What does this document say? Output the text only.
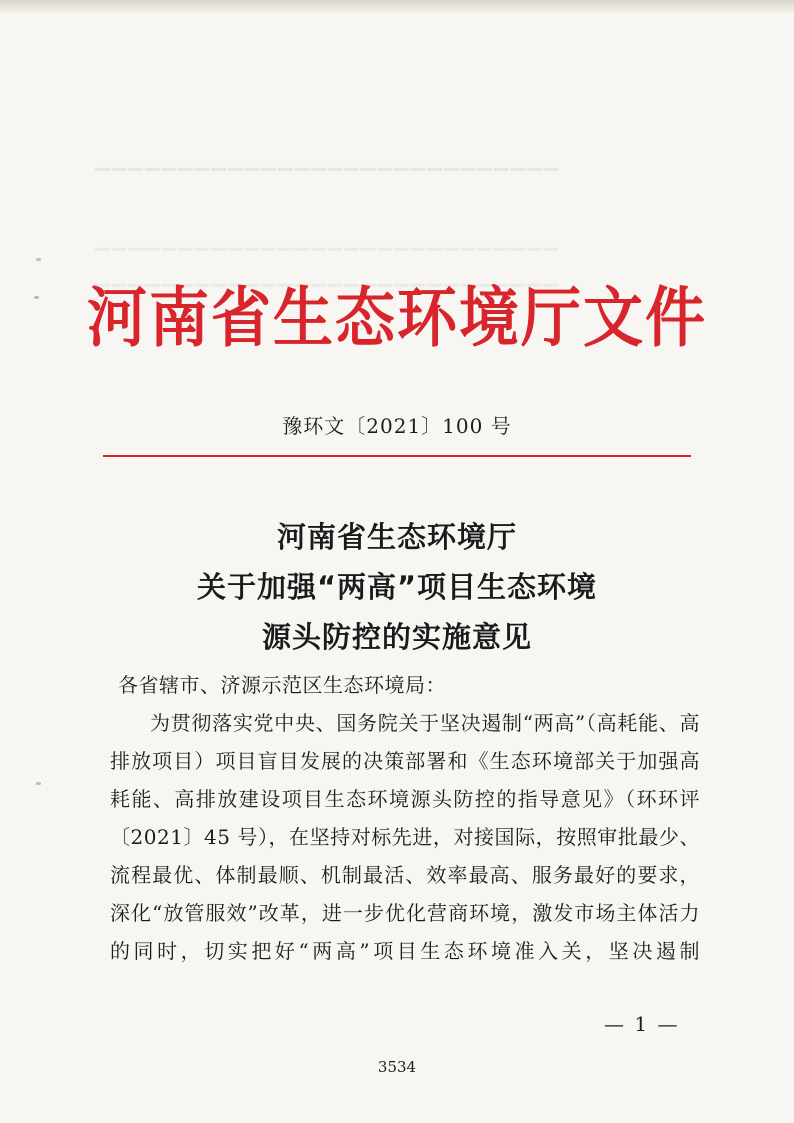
▁▁▁▁▁▁▁▁▁▁▁▁▁▁▁▁▁▁▁▁▁▁▁▁▁▁▁▁
▁▁▁▁▁▁▁▁▁▁▁▁▁▁▁▁▁▁▁▁▁▁▁▁▁▁▁▁
▁▁▁▁▁▁▁▁▁▁▁▁▁▁▁▁▁▁▁▁▁▁▁▁▁▁▁▁
河南省生态环境厅文件

豫环文〔2021〕100 号

河南省生态环境厅
关于加强“两高”项目生态环境
源头防控的实施意见

各省辖市、济源示范区生态环境局：

为贯彻落实党中央、国务院关于坚决遏制“两高”（高耗能、高排放项目）项目盲目发展的决策部署和《生态环境部关于加强高耗能、高排放建设项目生态环境源头防控的指导意见》（环环评〔2021〕45 号），在坚持对标先进，对接国际，按照审批最少、流程最优、体制最顺、机制最活、效率最高、服务最好的要求，深化“放管服效”改革，进一步优化营商环境，激发市场主体活力的同时，切实把好“两高”项目生态环境准入关，坚决遏制

— 1 —

3534
